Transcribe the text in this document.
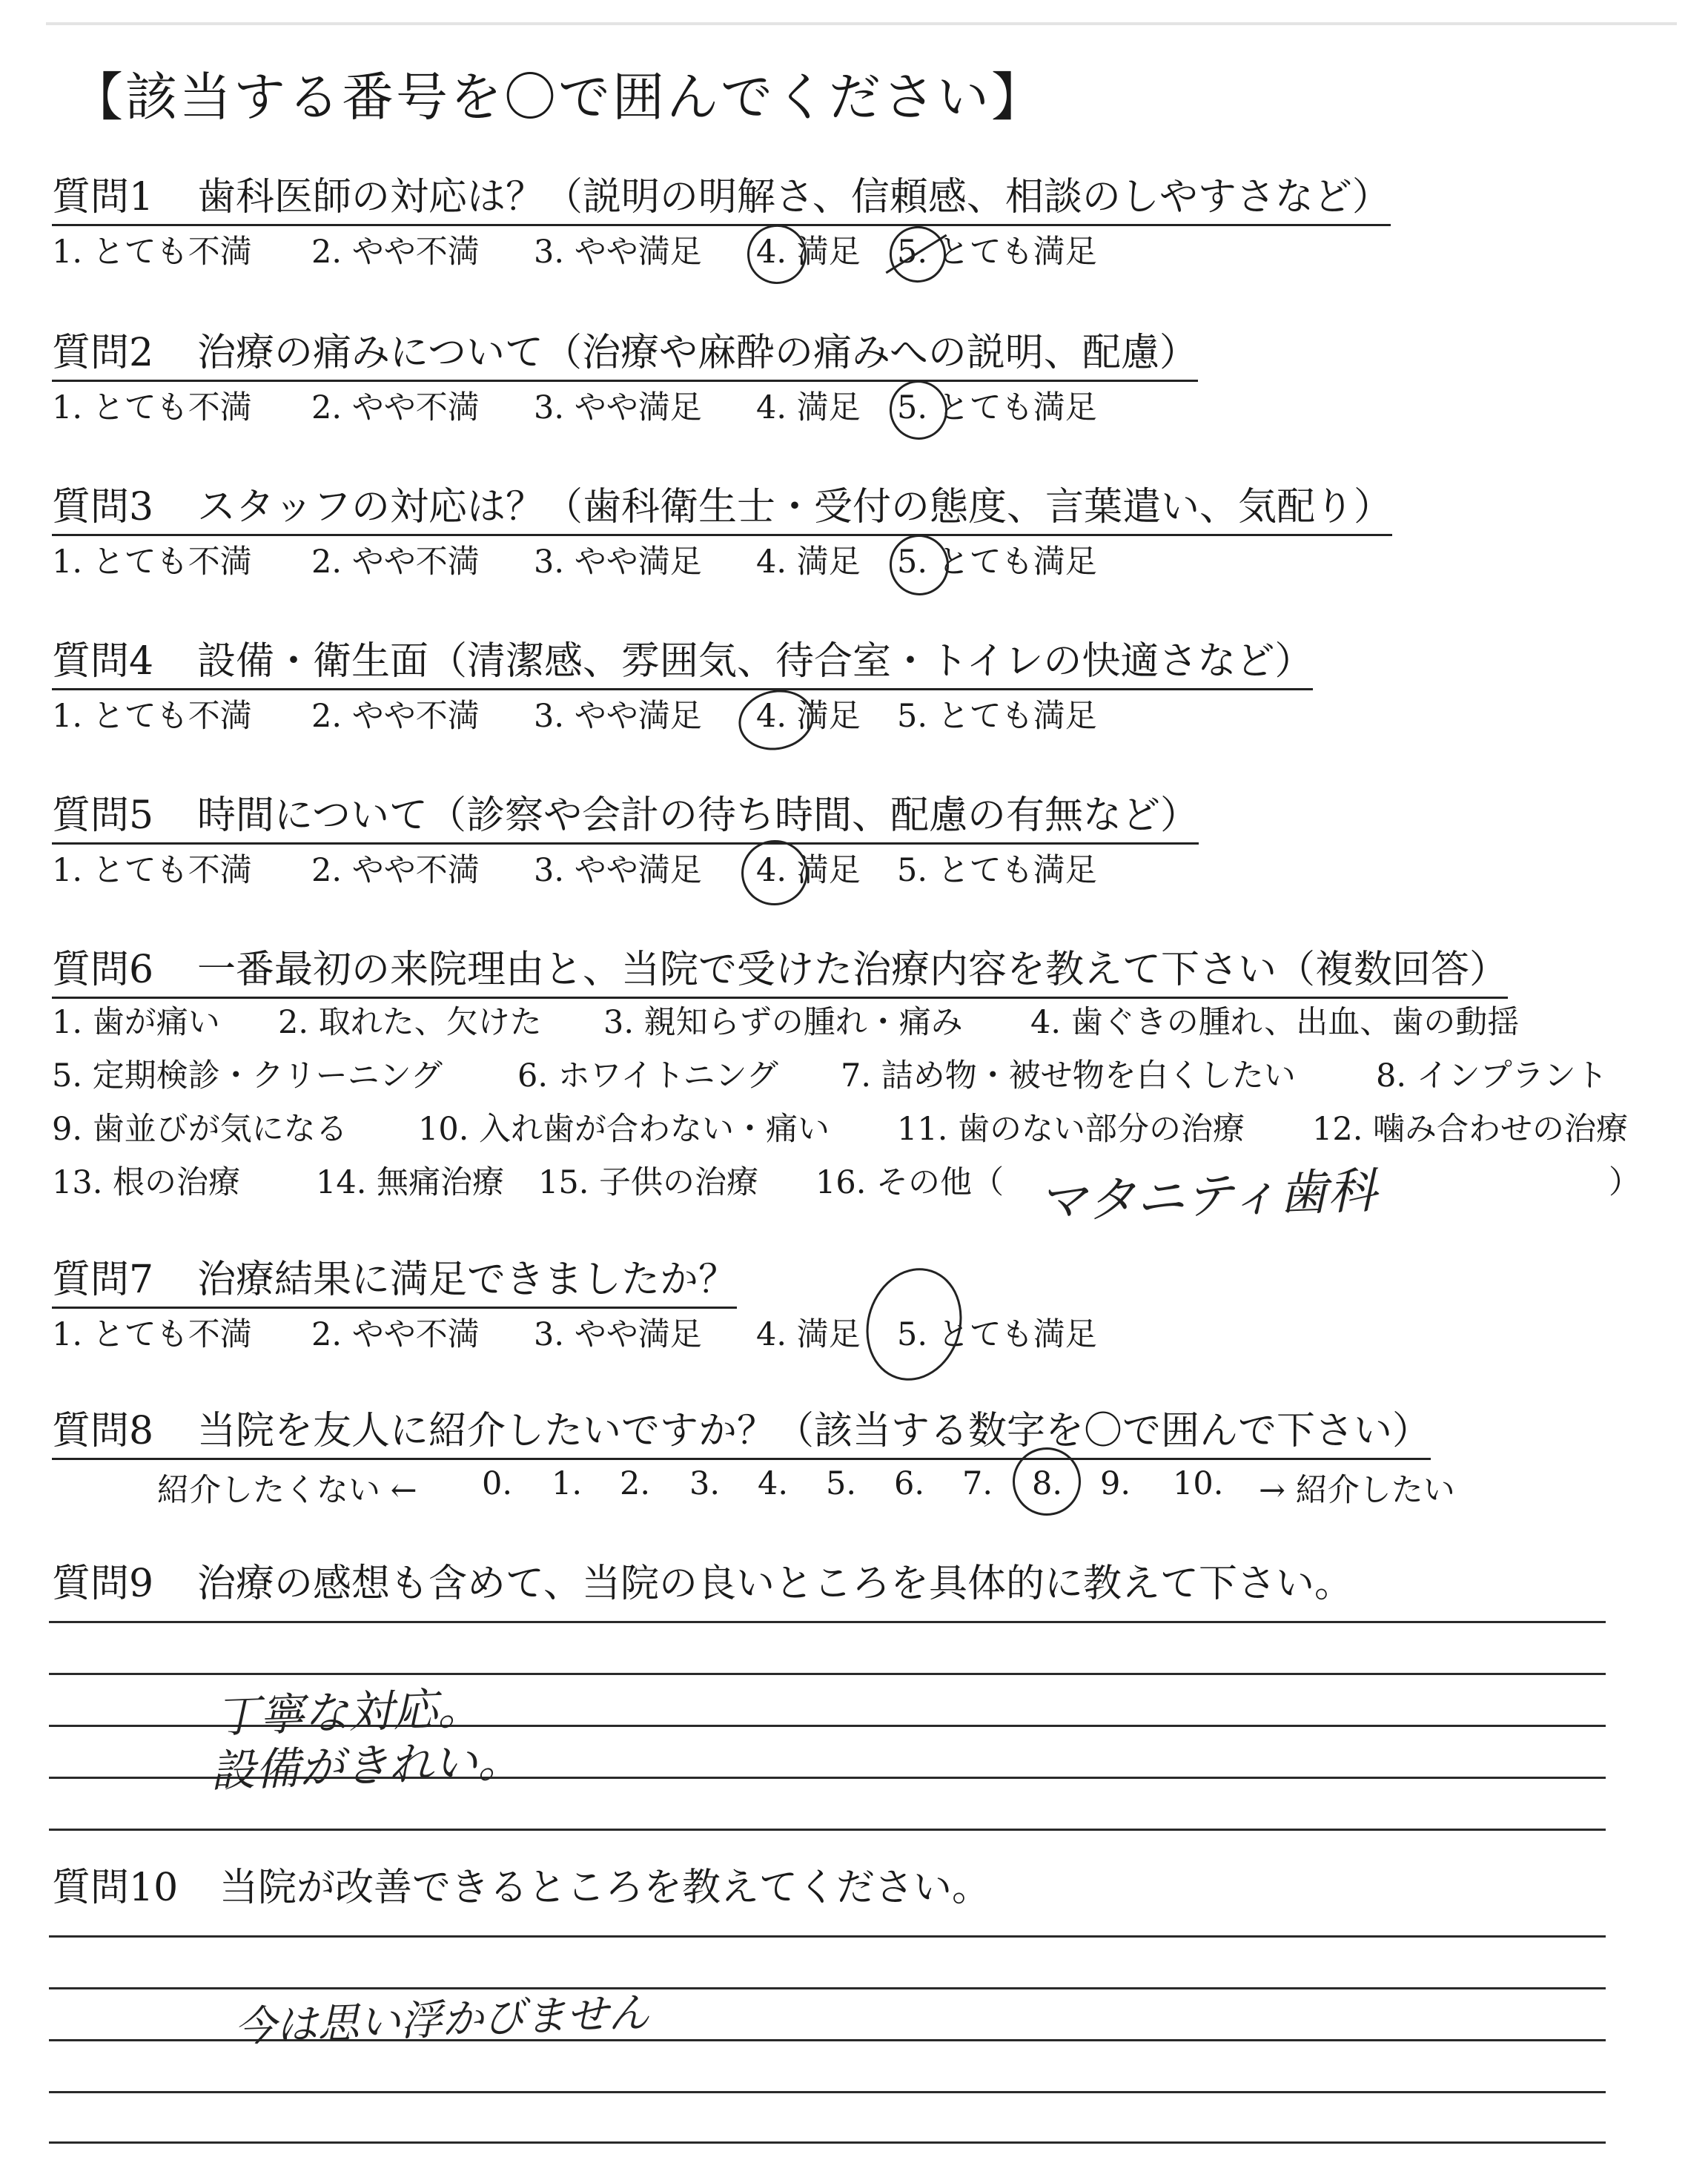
【該当する番号を〇で囲んでください】
質問1 歯科医師の対応は？（説明の明解さ、信頼感、相談のしやすさなど）
1. とても不満 2. やや不満 3. やや満足 4. 満足 5. とても満足
質問2 治療の痛みについて（治療や麻酔の痛みへの説明、配慮）
1. とても不満 2. やや不満 3. やや満足 4. 満足 5. とても満足
質問3 スタッフの対応は？（歯科衛生士・受付の態度、言葉遣い、気配り）
1. とても不満 2. やや不満 3. やや満足 4. 満足 5. とても満足
質問4 設備・衛生面（清潔感、雰囲気、待合室・トイレの快適さなど）
1. とても不満 2. やや不満 3. やや満足 4. 満足 5. とても満足
質問5 時間について（診察や会計の待ち時間、配慮の有無など）
1. とても不満 2. やや不満 3. やや満足 4. 満足 5. とても満足
質問6 一番最初の来院理由と、当院で受けた治療内容を教えて下さい（複数回答）
1. 歯が痛い 2. 取れた、欠けた 3. 親知らずの腫れ・痛み 4. 歯ぐきの腫れ、出血、歯の動揺
5. 定期検診・クリーニング 6. ホワイトニング 7. 詰め物・被せ物を白くしたい	8. インプラント
9. 歯並びが気になる 10. 入れ歯が合わない・痛い 11. 歯のない部分の治療 12. 噛み合わせの治療
13. 根の治療 14. 無痛治療 15. 子供の治療 16. その他（	）
マタニティ歯科
質問7 治療結果に満足できましたか？
1. とても不満 2. やや不満 3. やや満足 4. 満足 5. とても満足
質問8 当院を友人に紹介したいですか？（該当する数字を〇で囲んで下さい）
紹介したくない ← 0. 1. 2. 3. 4. 5. 6. 7. 8. 9. 10. → 紹介したい
質問9 治療の感想も含めて、当院の良いところを具体的に教えて下さい。
丁寧な対応。
設備がきれい。
質問10 当院が改善できるところを教えてください。
今は思い浮かびません
